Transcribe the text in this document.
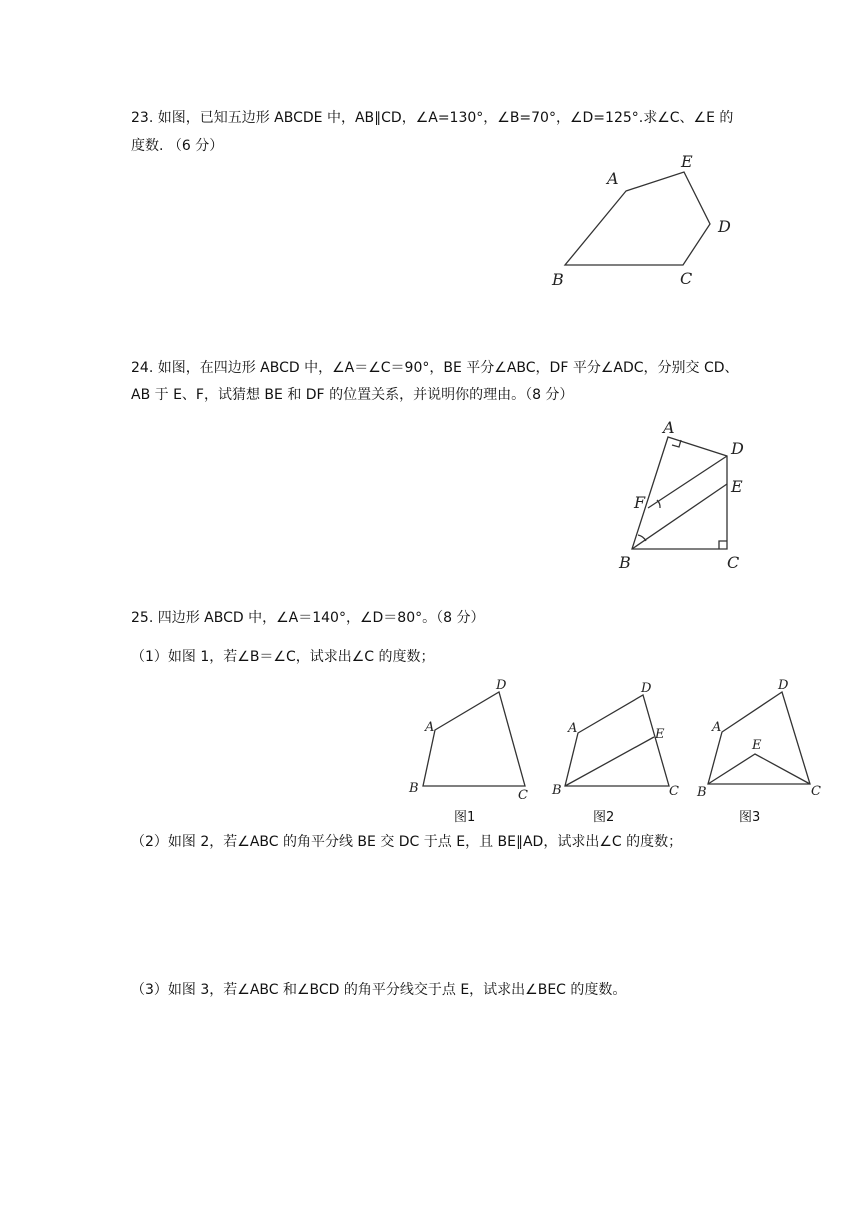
23. 如图，已知五边形 ABCDE 中，AB∥CD，∠A=130°，∠B=70°，∠D=125°.求∠C、∠E 的
度数. （6 分）
A
B	C
D
E
24. 如图，在四边形 ABCD 中，∠A＝∠C＝90°，BE 平分∠ABC，DF 平分∠ADC，分别交 CD、
AB 于 E、F，试猜想 BE 和 DF 的位置关系，并说明你的理由。（8 分）
A
B	C
D
E
F
25. 四边形 ABCD 中，∠A＝140°，∠D＝80°。（8 分）
（1）如图 1，若∠B＝∠C，试求出∠C 的度数；
A
B	C
D
A
B	C
D
E	A
B	C
D
E
图1	图2	图3
（2）如图 2，若∠ABC 的角平分线 BE 交 DC 于点 E，且 BE∥AD，试求出∠C 的度数；
（3）如图 3，若∠ABC 和∠BCD 的角平分线交于点 E，试求出∠BEC 的度数。
